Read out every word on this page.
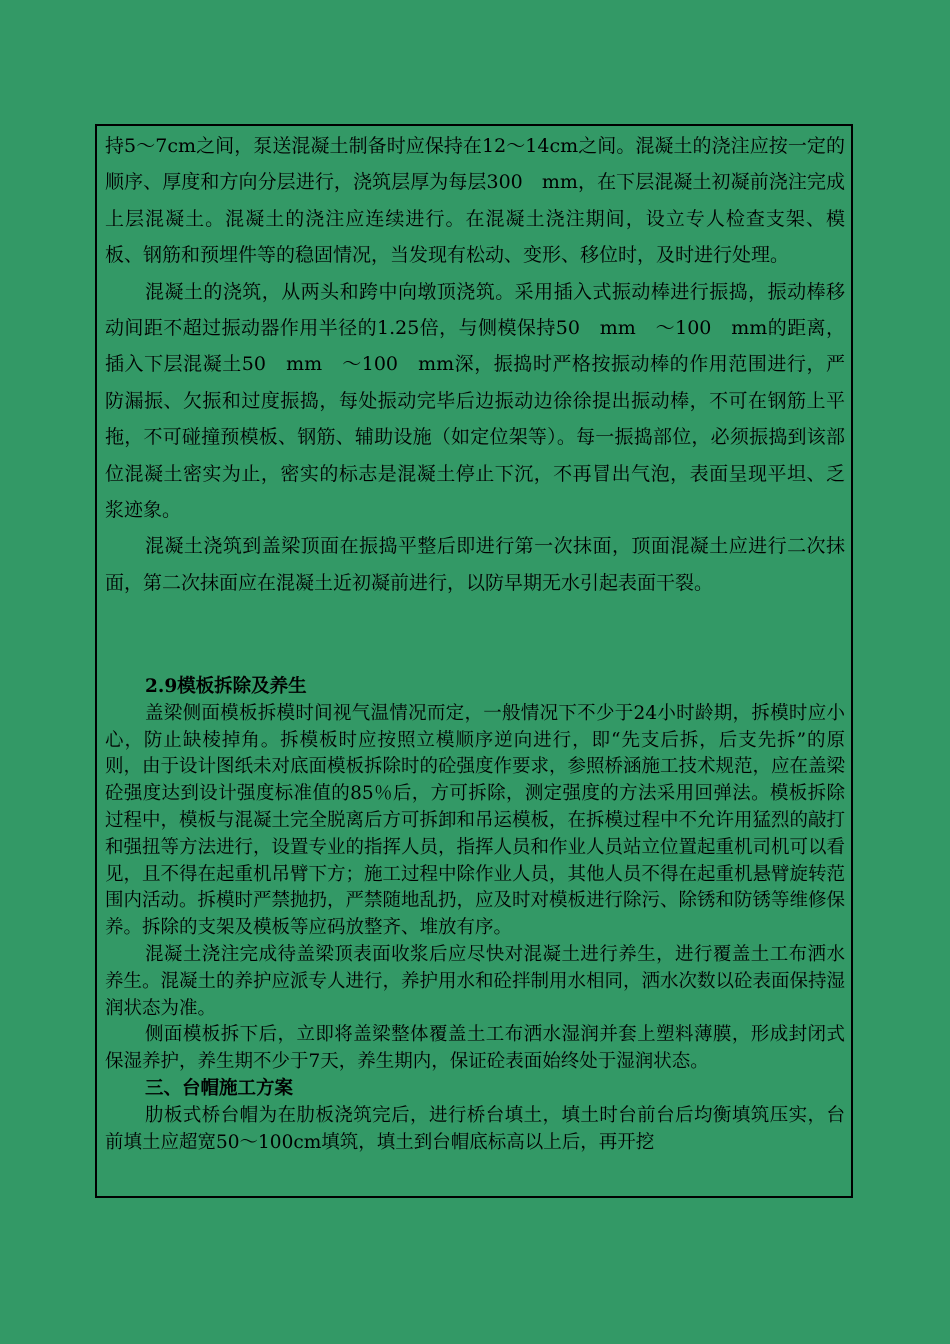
持5～7cm之间，泵送混凝土制备时应保持在12～14cm之间。混凝土的浇注应按一定的顺序、厚度和方向分层进行，浇筑层厚为每层300　mm，在下层混凝土初凝前浇注完成上层混凝土。混凝土的浇注应连续进行。在混凝土浇注期间，设立专人检查支架、模板、钢筋和预埋件等的稳固情况，当发现有松动、变形、移位时，及时进行处理。

混凝土的浇筑，从两头和跨中向墩顶浇筑。采用插入式振动棒进行振捣，振动棒移动间距不超过振动器作用半径的1.25倍，与侧模保持50　mm　～100　mm的距离，插入下层混凝土50　mm　～100　mm深，振捣时严格按振动棒的作用范围进行，严防漏振、欠振和过度振捣，每处振动完毕后边振动边徐徐提出振动棒，不可在钢筋上平拖，不可碰撞预模板、钢筋、辅助设施（如定位架等）。每一振捣部位，必须振捣到该部位混凝土密实为止，密实的标志是混凝土停止下沉，不再冒出气泡，表面呈现平坦、乏浆迹象。

混凝土浇筑到盖梁顶面在振捣平整后即进行第一次抹面，顶面混凝土应进行二次抹面，第二次抹面应在混凝土近初凝前进行，以防早期无水引起表面干裂。

2.9模板拆除及养生

盖梁侧面模板拆模时间视气温情况而定，一般情况下不少于24小时龄期，拆模时应小心，防止缺棱掉角。拆模板时应按照立模顺序逆向进行，即“先支后拆，后支先拆”的原则，由于设计图纸未对底面模板拆除时的砼强度作要求，参照桥涵施工技术规范，应在盖梁砼强度达到设计强度标准值的85％后，方可拆除，测定强度的方法采用回弹法。模板拆除过程中，模板与混凝土完全脱离后方可拆卸和吊运模板，在拆模过程中不允许用猛烈的敲打和强扭等方法进行，设置专业的指挥人员，指挥人员和作业人员站立位置起重机司机可以看见，且不得在起重机吊臂下方；施工过程中除作业人员，其他人员不得在起重机悬臂旋转范围内活动。拆模时严禁抛扔，严禁随地乱扔，应及时对模板进行除污、除锈和防锈等维修保养。拆除的支架及模板等应码放整齐、堆放有序。

混凝土浇注完成待盖梁顶表面收浆后应尽快对混凝土进行养生，进行覆盖土工布洒水养生。混凝土的养护应派专人进行，养护用水和砼拌制用水相同，洒水次数以砼表面保持湿润状态为准。

侧面模板拆下后，立即将盖梁整体覆盖土工布洒水湿润并套上塑料薄膜，形成封闭式保湿养护，养生期不少于7天，养生期内，保证砼表面始终处于湿润状态。

三、台帽施工方案

肋板式桥台帽为在肋板浇筑完后，进行桥台填土，填土时台前台后均衡填筑压实，台前填土应超宽50～100cm填筑，填土到台帽底标高以上后，再开挖
